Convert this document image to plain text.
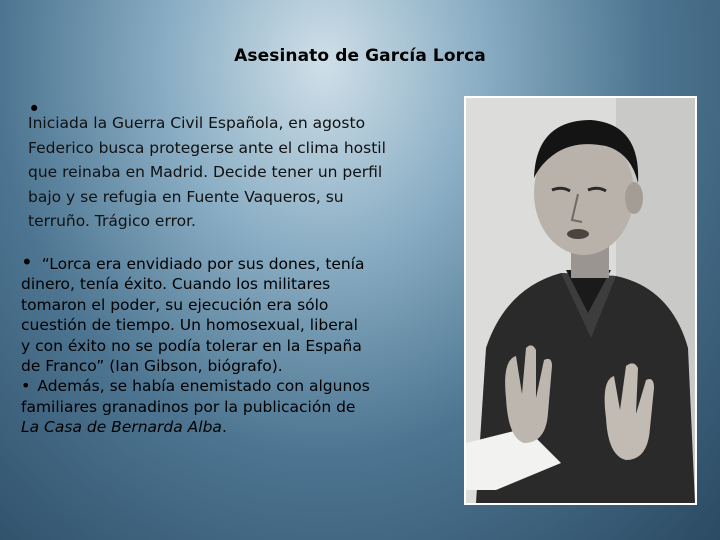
Asesinato de García Lorca
•
Iniciada la Guerra Civil Española, en agosto
Federico busca protegerse ante el clima hostil
que reinaba en Madrid. Decide tener un perfil
bajo y se refugia en Fuente Vaqueros, su
terruño. Trágico error.
• “Lorca era envidiado por sus dones, tenía
dinero, tenía éxito. Cuando los militares
tomaron el poder, su ejecución era sólo
cuestión de tiempo. Un homosexual, liberal
y con éxito no se podía tolerar en la España
de Franco” (Ian Gibson, biógrafo).
• Además, se había enemistado con algunos
familiares granadinos por la publicación de
La Casa de Bernarda Alba.
